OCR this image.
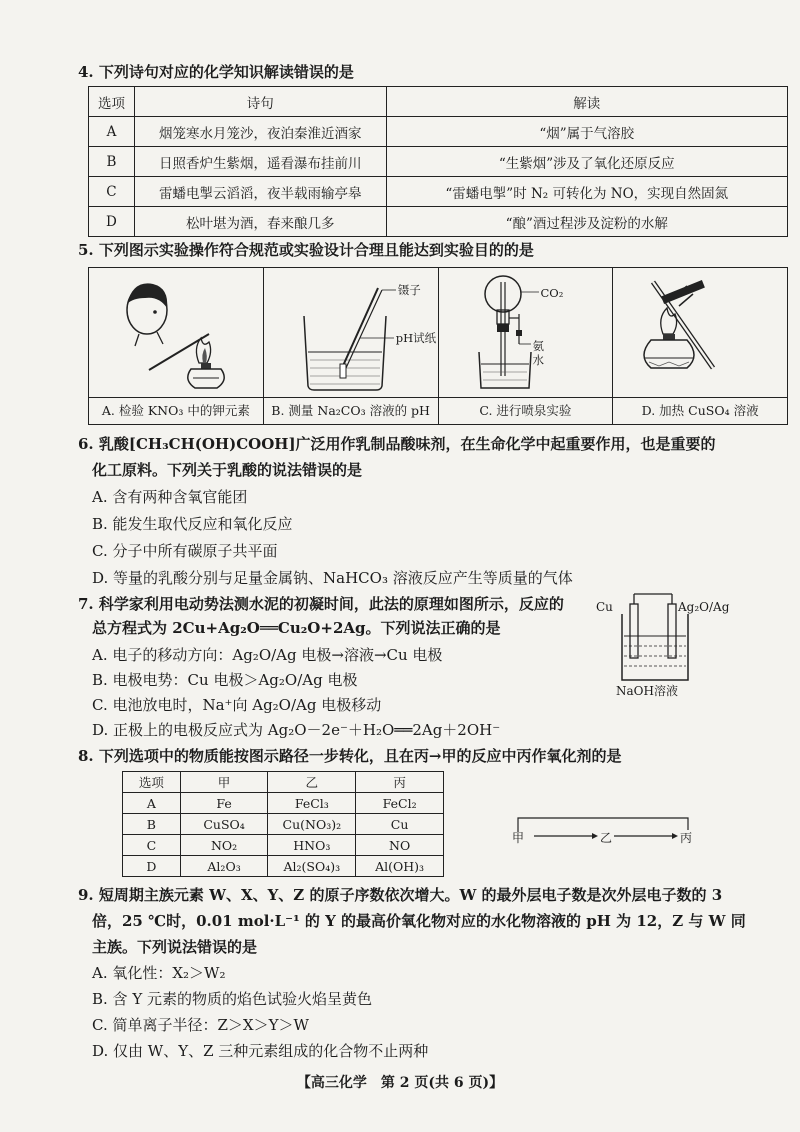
4. 下列诗句对应的化学知识解读错误的是
选项	诗句	解读
A	烟笼寒水月笼沙，夜泊秦淮近酒家	“烟”属于气溶胶
B	日照香炉生紫烟，遥看瀑布挂前川	“生紫烟”涉及了氧化还原反应
C	雷蟠电掣云滔滔，夜半载雨输亭皋	“雷蟠电掣”时 N₂ 可转化为 NO，实现自然固氮
D	松叶堪为酒，春来酿几多	“酿”酒过程涉及淀粉的水解
5. 下列图示实验操作符合规范或实验设计合理且能达到实验目的的是
A. 检验 KNO₃ 中的钾元素
镊子
pH试纸
B. 测量 Na₂CO₃ 溶液的 pH
CO₂
氨
水
C. 进行喷泉实验	D. 加热 CuSO₄ 溶液
6. 乳酸[CH₃CH(OH)COOH]广泛用作乳制品酸味剂，在生命化学中起重要作用，也是重要的
化工原料。下列关于乳酸的说法错误的是
A. 含有两种含氧官能团
B. 能发生取代反应和氧化反应
C. 分子中所有碳原子共平面
D. 等量的乳酸分别与足量金属钠、NaHCO₃ 溶液反应产生等质量的气体
7. 科学家利用电动势法测水泥的初凝时间，此法的原理如图所示，反应的
总方程式为 2Cu+Ag₂O══Cu₂O+2Ag。下列说法正确的是
A. 电子的移动方向：Ag₂O/Ag 电极→溶液→Cu 电极
B. 电极电势：Cu 电极＞Ag₂O/Ag 电极
C. 电池放电时，Na⁺向 Ag₂O/Ag 电极移动
D. 正极上的电极反应式为 Ag₂O－2e⁻＋H₂O══2Ag＋2OH⁻
Cu	Ag₂O/Ag
NaOH溶液
8. 下列选项中的物质能按图示路径一步转化，且在丙→甲的反应中丙作氧化剂的是
选项	甲	乙	丙
A	Fe	FeCl₃	FeCl₂
B	CuSO₄	Cu(NO₃)₂	Cu
C	NO₂	HNO₃	NO
D	Al₂O₃	Al₂(SO₄)₃	Al(OH)₃
甲	乙	丙
9. 短周期主族元素 W、X、Y、Z 的原子序数依次增大。W 的最外层电子数是次外层电子数的 3
倍，25 ℃时，0.01 mol·L⁻¹ 的 Y 的最高价氧化物对应的水化物溶液的 pH 为 12，Z 与 W 同
主族。下列说法错误的是
A. 氧化性：X₂＞W₂
B. 含 Y 元素的物质的焰色试验火焰呈黄色
C. 简单离子半径：Z＞X＞Y＞W
D. 仅由 W、Y、Z 三种元素组成的化合物不止两种
【高三化学　第 2 页(共 6 页)】
